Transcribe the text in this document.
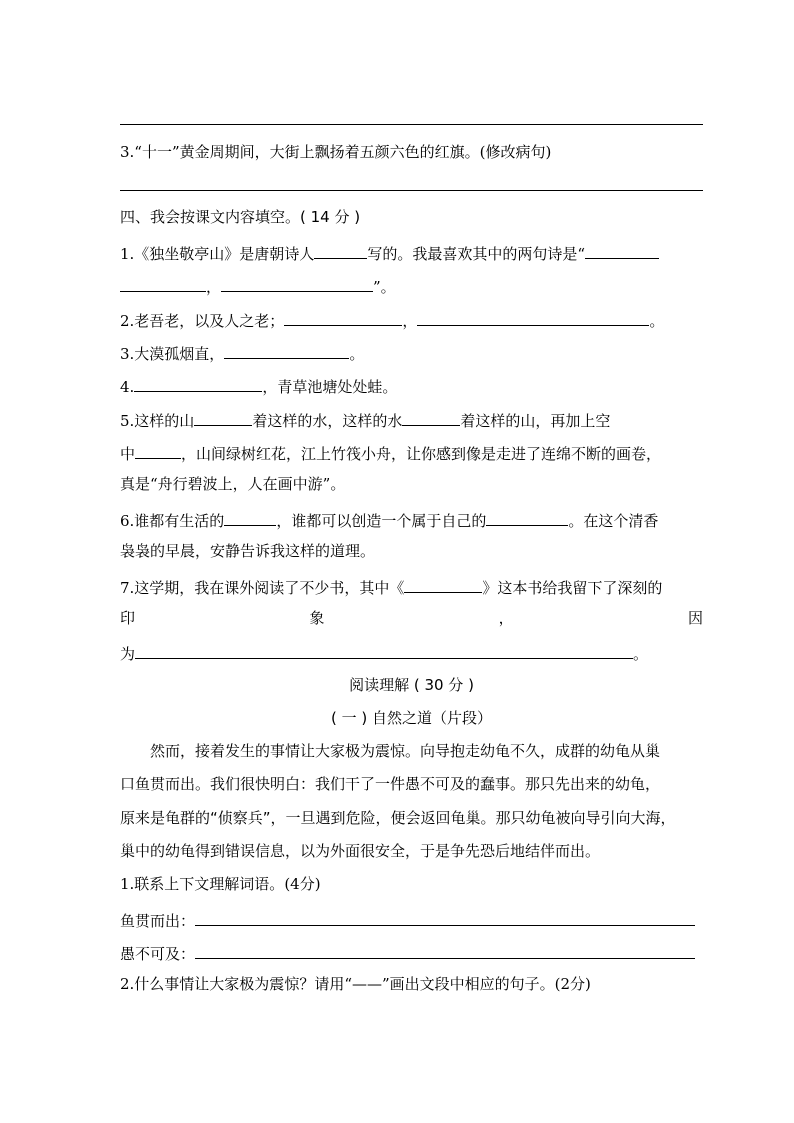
3.“十一”黄金周期间，大街上飘扬着五颜六色的红旗。(修改病句)
四、我会按课文内容填空。( 14 分 )
1.《独坐敬亭山》是唐朝诗人	写的。我最喜欢其中的两句诗是“
，	”。
2.老吾老，以及人之老；	，	。
3.大漠孤烟直，	。
4.	，青草池塘处处蛙。
5.这样的山	着这样的水，这样的水	着这样的山，再加上空
中	，山间绿树红花，江上竹筏小舟，让你感到像是走进了连绵不断的画卷，
真是“舟行碧波上，人在画中游”。
6.谁都有生活的	，谁都可以创造一个属于自己的	。在这个清香
袅袅的早晨，安静告诉我这样的道理。
7.这学期，我在课外阅读了不少书，其中《	》这本书给我留下了深刻的
印	象	，	因
为	。
阅读理解 ( 30 分 )
( 一 ) 自然之道（片段）
然而，接着发生的事情让大家极为震惊。向导抱走幼龟不久，成群的幼龟从巢
口鱼贯而出。我们很快明白：我们干了一件愚不可及的蠢事。那只先出来的幼龟，
原来是龟群的“侦察兵”，一旦遇到危险，便会返回龟巢。那只幼龟被向导引向大海，
巢中的幼龟得到错误信息，以为外面很安全，于是争先恐后地结伴而出。
1.联系上下文理解词语。(4分)
鱼贯而出：
愚不可及：
2.什么事情让大家极为震惊？请用“——”画出文段中相应的句子。(2分)
